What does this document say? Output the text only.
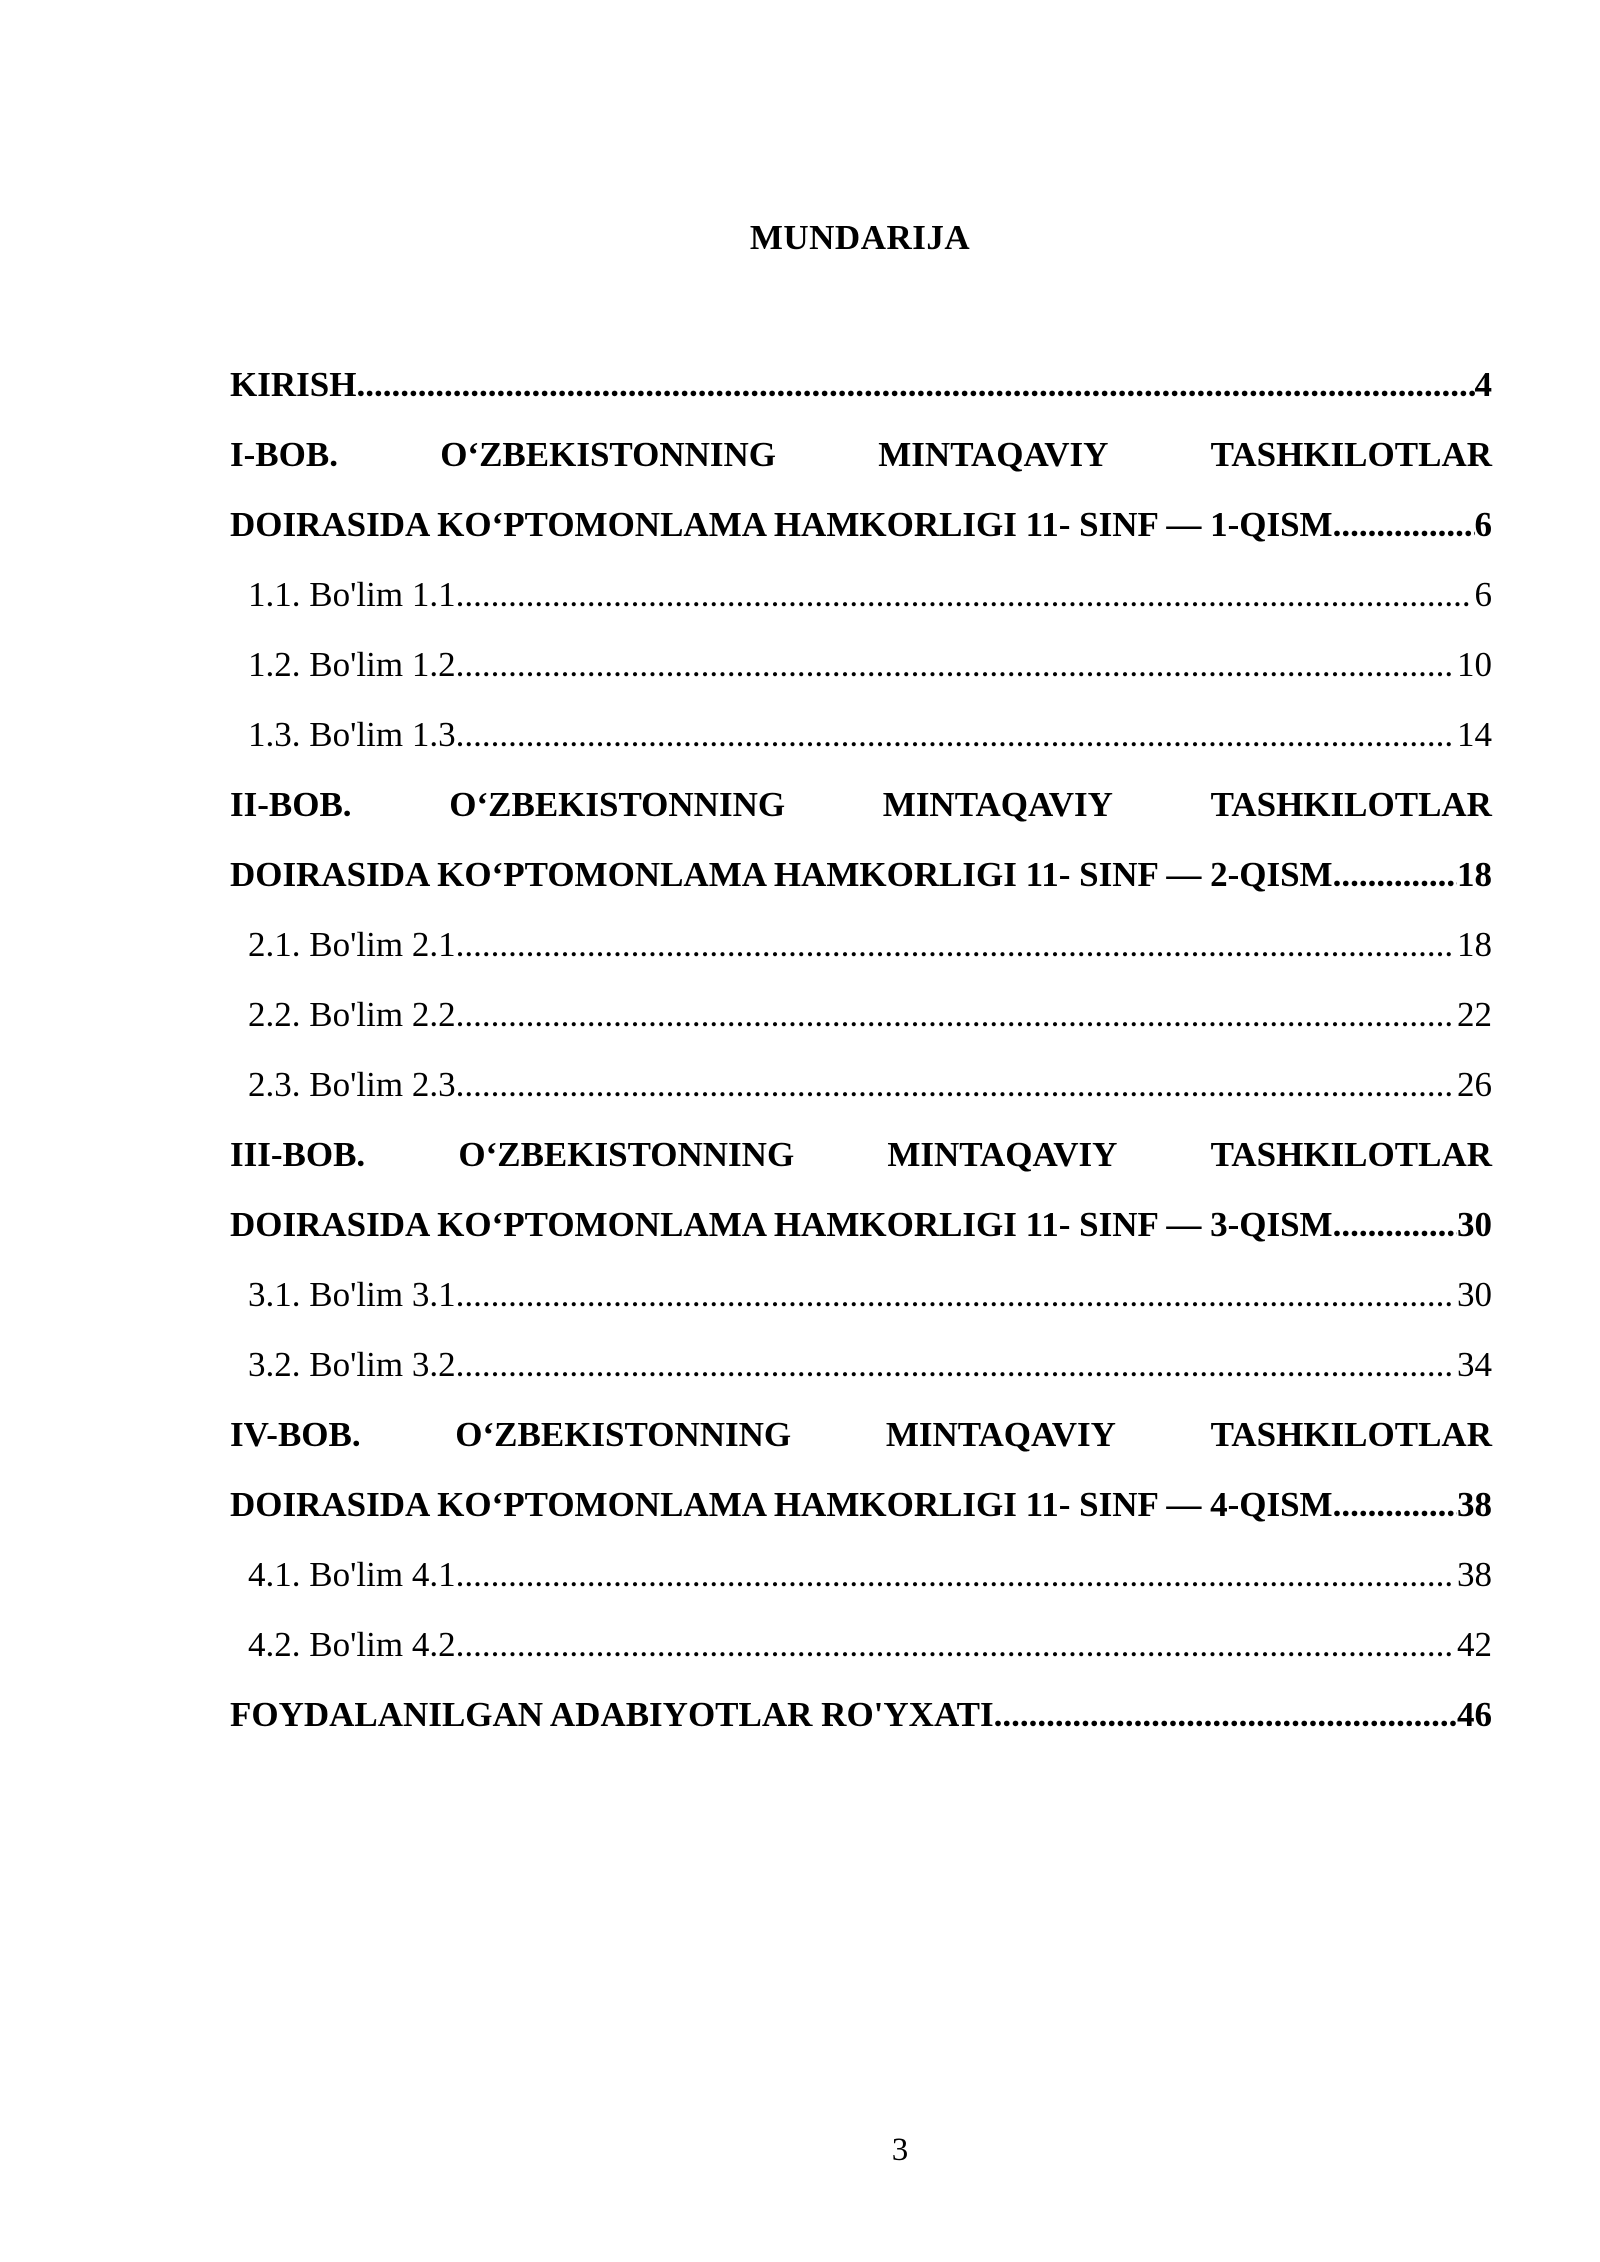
MUNDARIJA
KIRISH .....	4
I-BOB.	O‘ZBEKISTONNING	MINTAQAVIY	TASHKILOTLAR
DOIRASIDA KO‘PTOMONLAMA HAMKORLIGI 11- SINF — 1-QISM .....	6
1.1. Bo'lim 1.1 .....	6
1.2. Bo'lim 1.2 .....	10
1.3. Bo'lim 1.3 .....	14
II-BOB.	O‘ZBEKISTONNING	MINTAQAVIY	TASHKILOTLAR
DOIRASIDA KO‘PTOMONLAMA HAMKORLIGI 11- SINF — 2-QISM .....	18
2.1. Bo'lim 2.1 .....	18
2.2. Bo'lim 2.2 .....	22
2.3. Bo'lim 2.3 .....	26
III-BOB.	O‘ZBEKISTONNING	MINTAQAVIY	TASHKILOTLAR
DOIRASIDA KO‘PTOMONLAMA HAMKORLIGI 11- SINF — 3-QISM .....	30
3.1. Bo'lim 3.1 .....	30
3.2. Bo'lim 3.2 .....	34
IV-BOB.	O‘ZBEKISTONNING	MINTAQAVIY	TASHKILOTLAR
DOIRASIDA KO‘PTOMONLAMA HAMKORLIGI 11- SINF — 4-QISM .....	38
4.1. Bo'lim 4.1 .....	38
4.2. Bo'lim 4.2 .....	42
FOYDALANILGAN ADABIYOTLAR RO'YXATI .....	46
3
